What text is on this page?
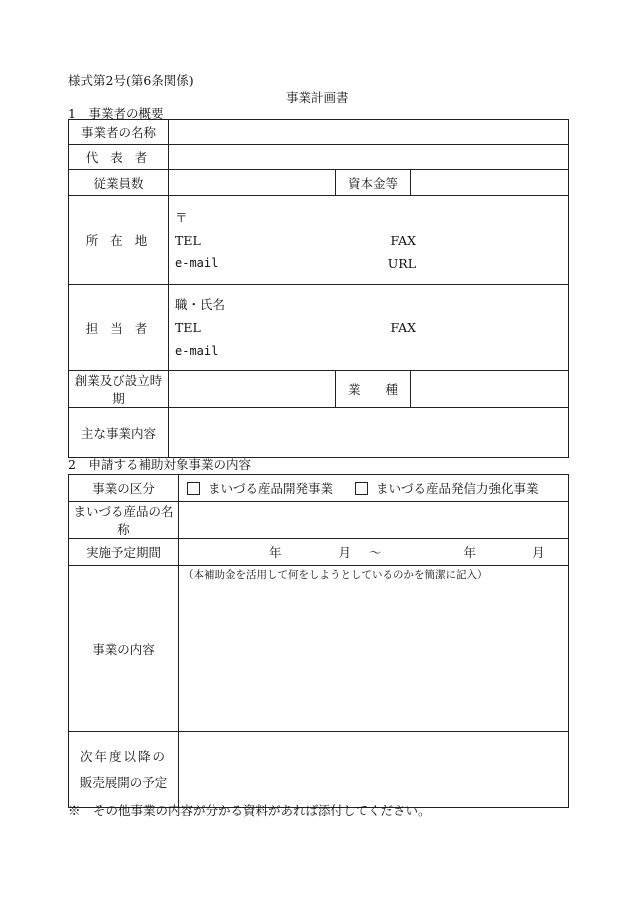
様式第2号(第6条関係)
事業計画書
1　事業者の概要
事業者の名称			
代 表 者			
従業員数		資本金等	
所 在 地	〒
TEL FAX
e-mail URL		

担 当 者	職・氏名
TEL FAX
e-mail		

創業及び設立時期		業　　種	
主な事業内容			
2　申請する補助対象事業の内容
事業の区分	まいづる産品開発事業 まいづる産品発信力強化事業

まいづる産品の名称	
実施予定期間	年 月 ～ 年 月

事業の内容	（本補助金を活用して何をしようとしているのかを簡潔に記入）

次年度以降の
販売展開の予定	

※　その他事業の内容が分かる資料があれば添付してください。
